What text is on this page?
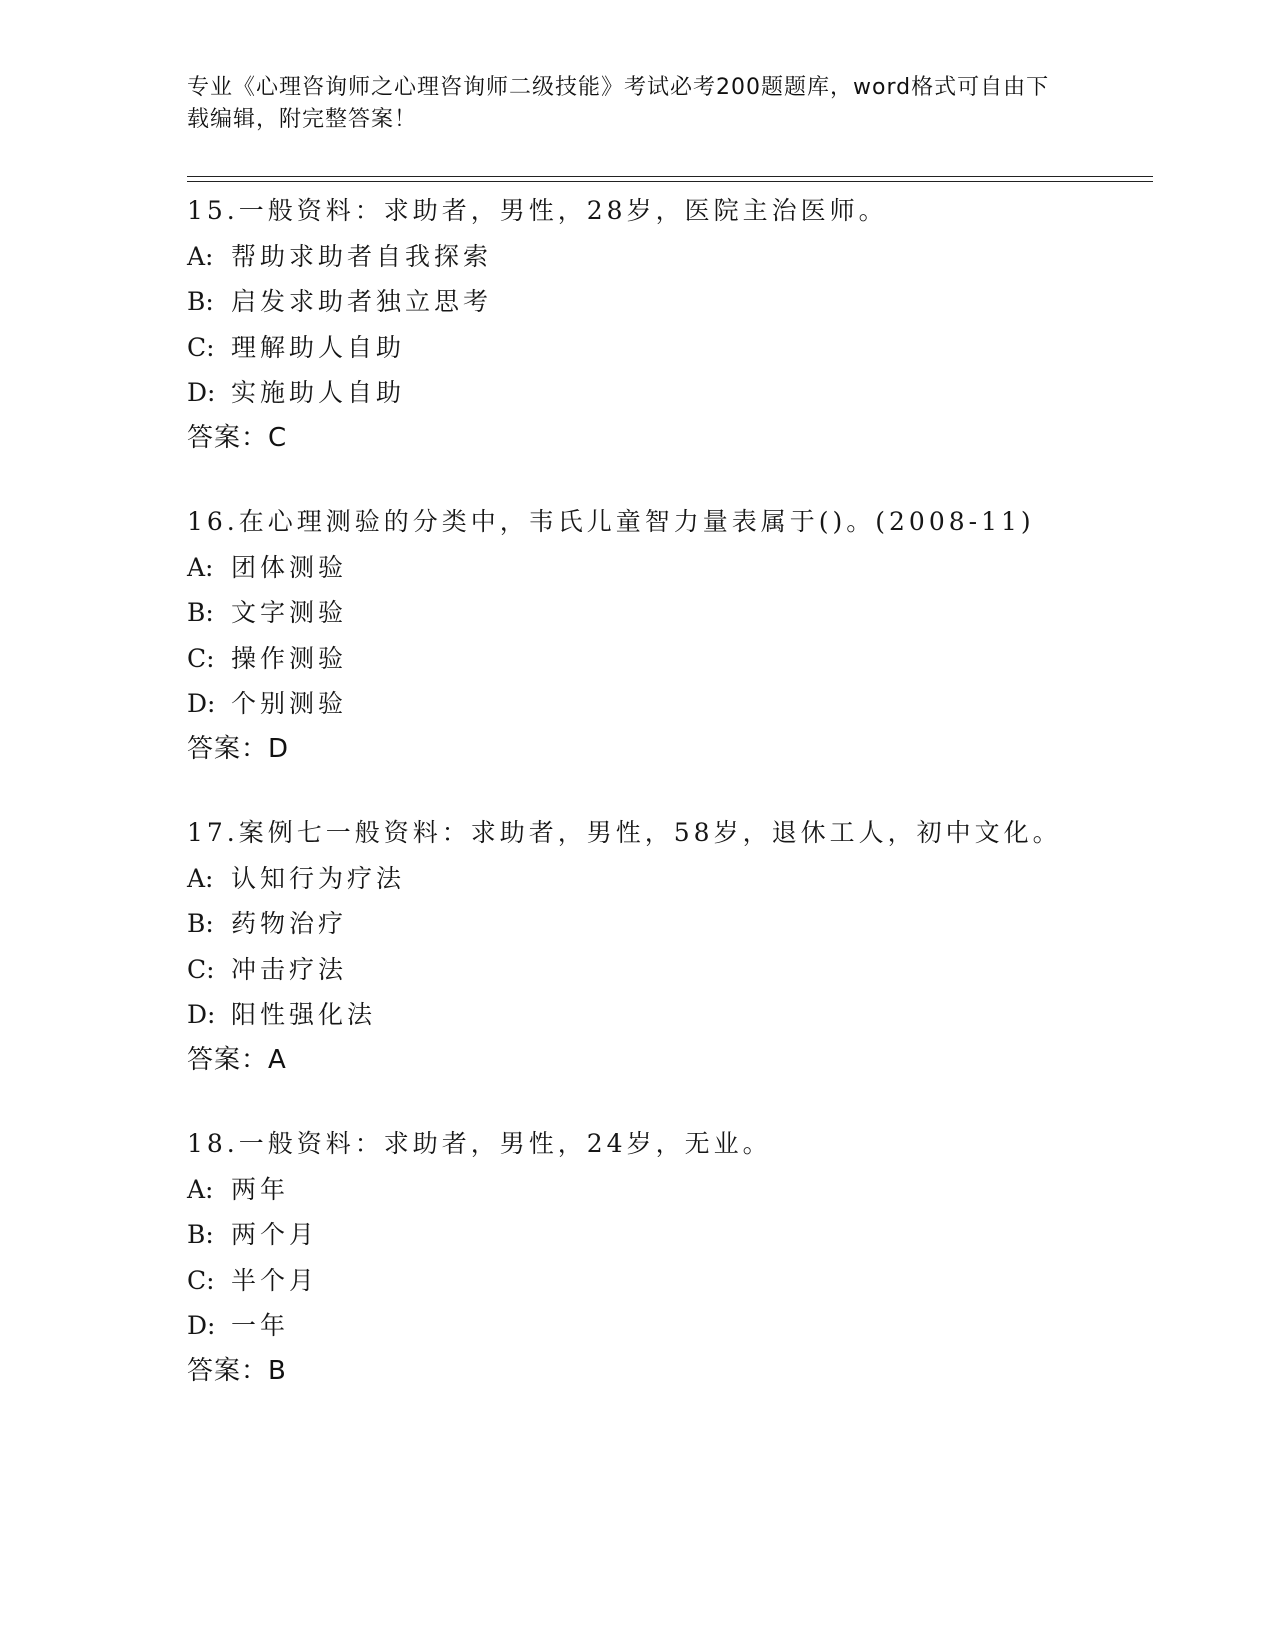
专业《心理咨询师之心理咨询师二级技能》考试必考200题题库，word格式可自由下载编辑，附完整答案！
15.一般资料：求助者，男性，28岁，医院主治医师。
A: 帮助求助者自我探索
B: 启发求助者独立思考
C: 理解助人自助
D: 实施助人自助
答案：C
16.在心理测验的分类中，韦氏儿童智力量表属于()。(2008-11)
A: 团体测验
B: 文字测验
C: 操作测验
D: 个别测验
答案：D
17.案例七一般资料：求助者，男性，58岁，退休工人，初中文化。
A: 认知行为疗法
B: 药物治疗
C: 冲击疗法
D: 阳性强化法
答案：A
18.一般资料：求助者，男性，24岁，无业。
A: 两年
B: 两个月
C: 半个月
D: 一年
答案：B
